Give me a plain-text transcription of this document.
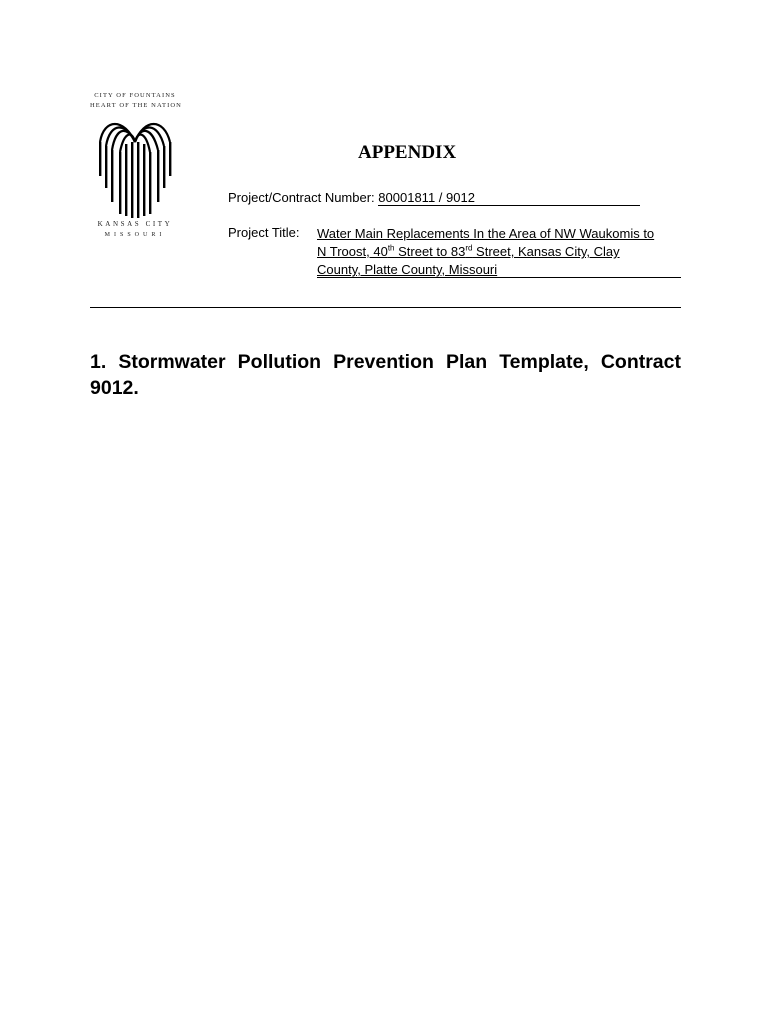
CITY OF FOUNTAINS
HEART OF THE NATION
KANSAS CITY
MISSOURI
APPENDIX
Project/Contract Number: 80001811 / 9012
Project Title: Water Main Replacements In the Area of NW Waukomis to
N Troost, 40th Street to 83rd Street, Kansas City, Clay
County, Platte County, Missouri
1. Stormwater Pollution Prevention Plan Template, Contract 9012.
